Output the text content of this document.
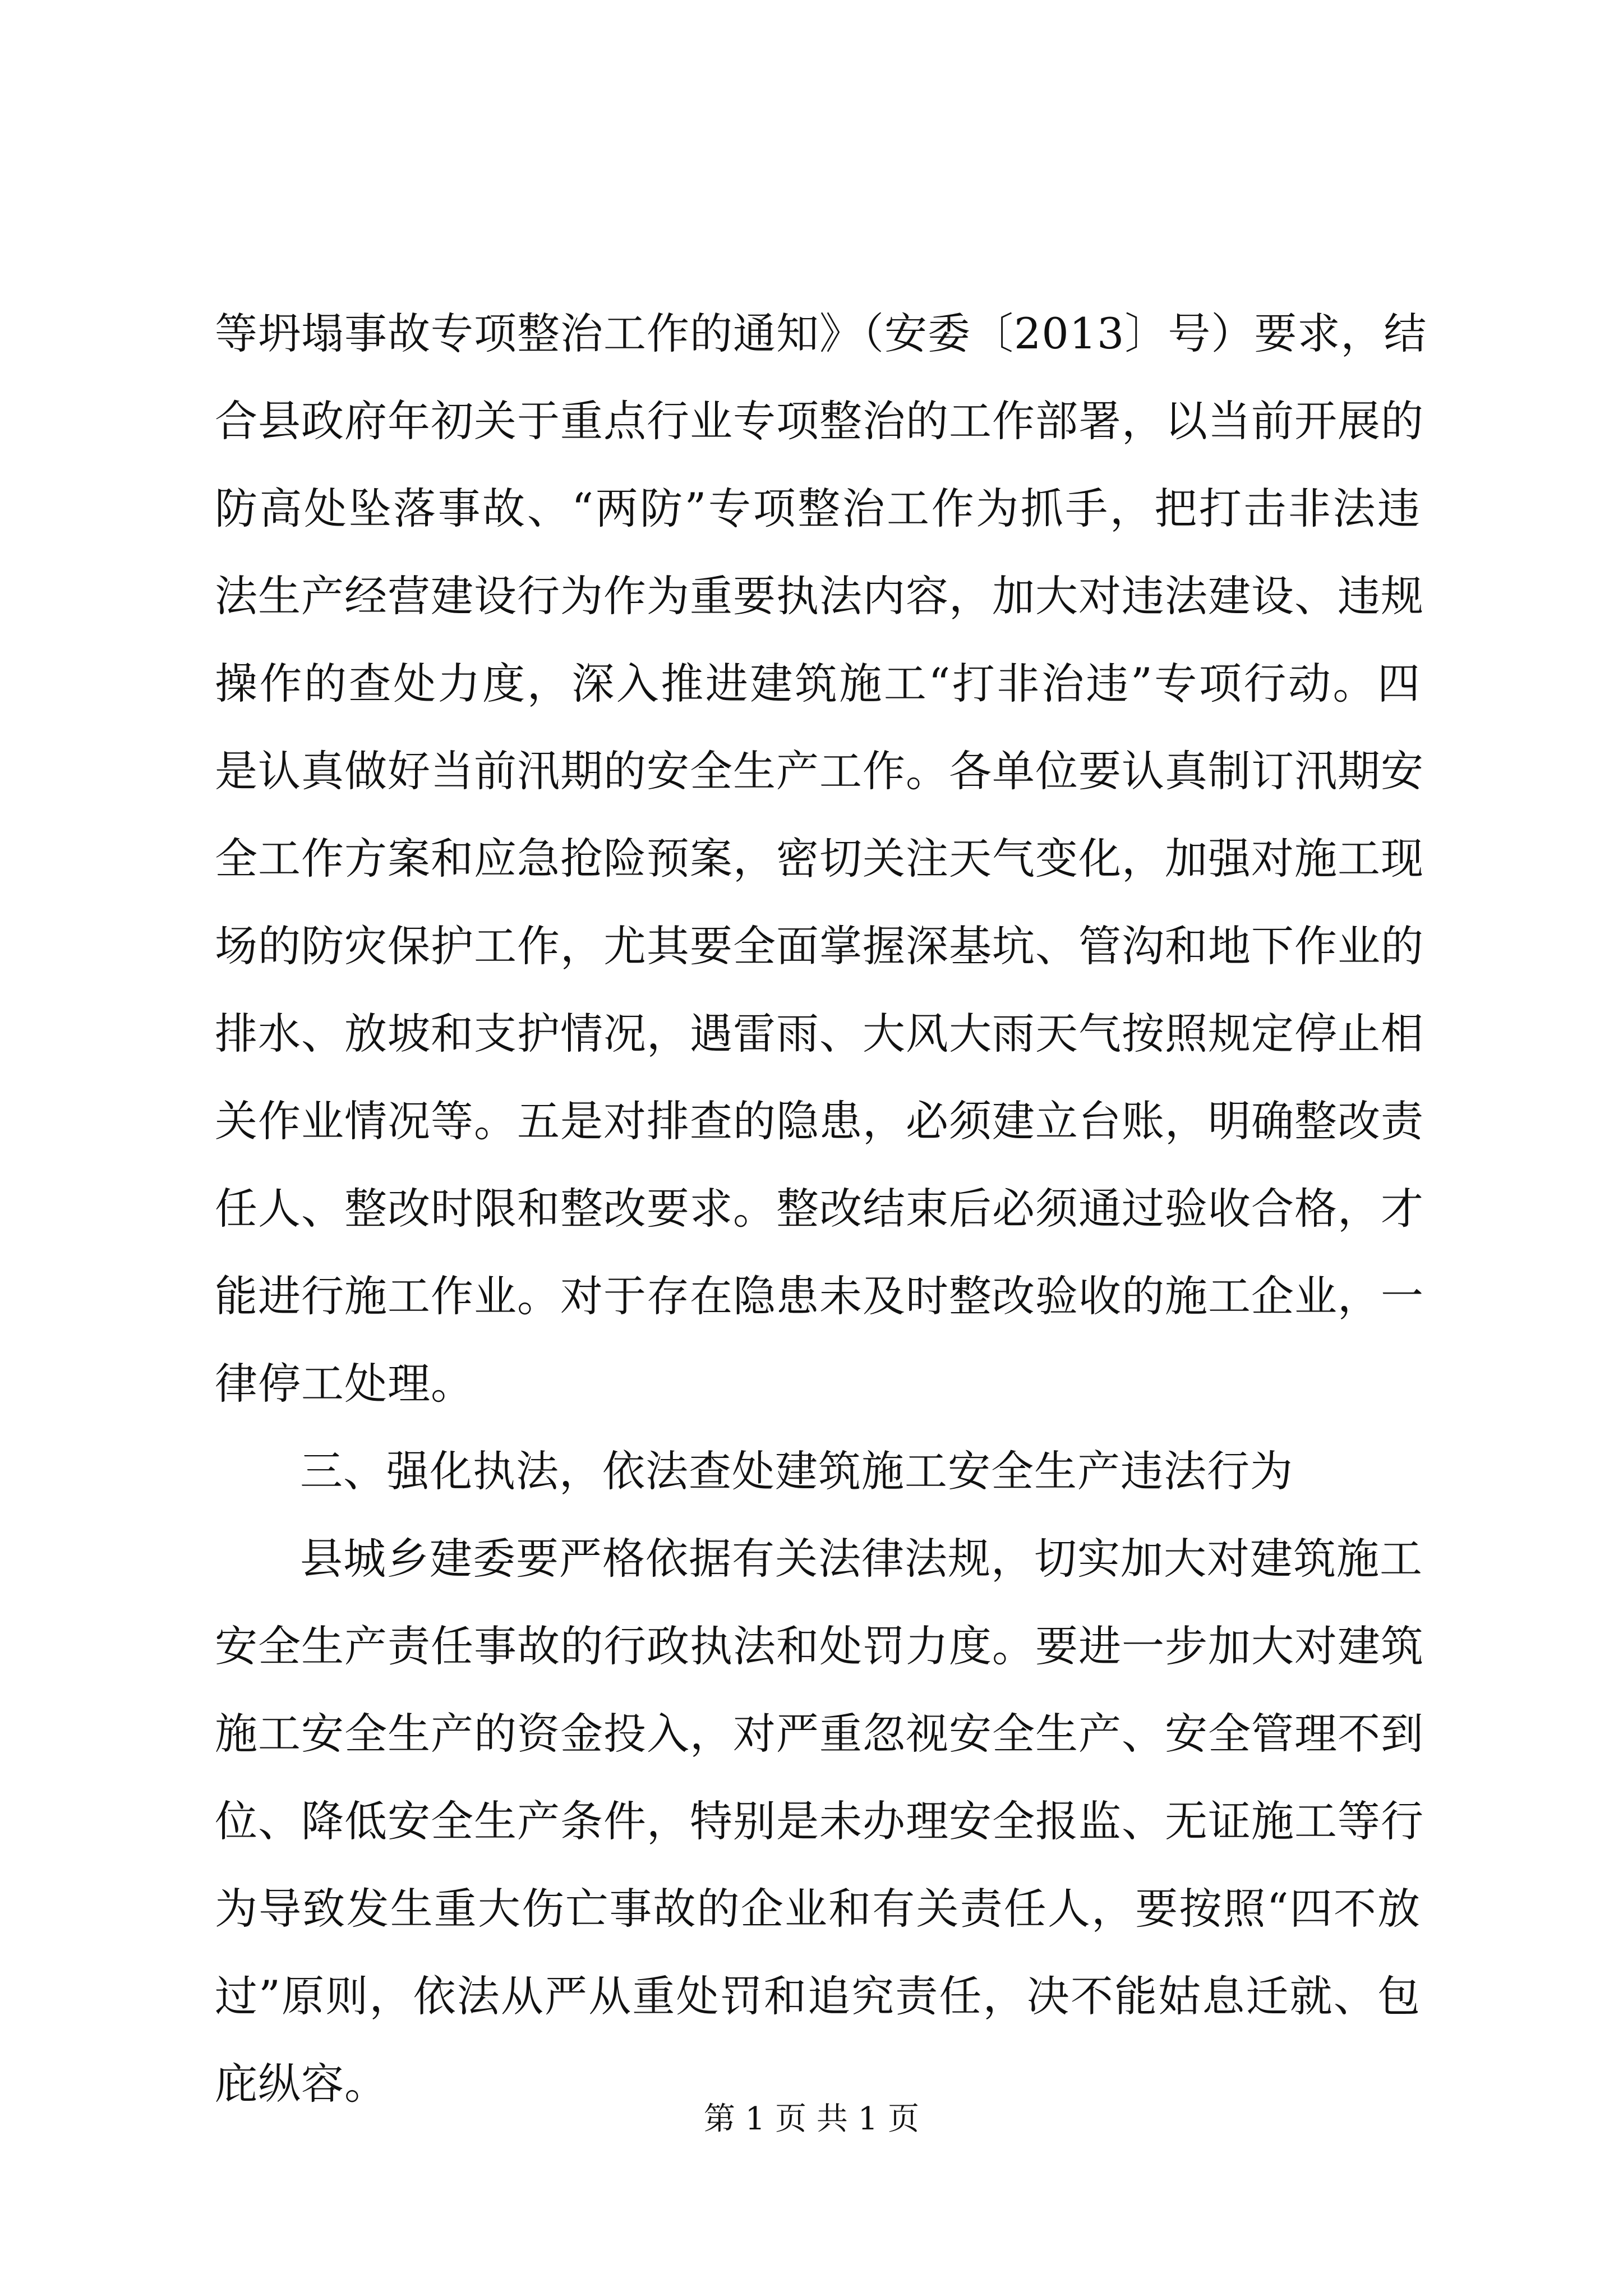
等坍塌事故专项整治工作的通知》（安委〔2013〕号）要求，结
合县政府年初关于重点行业专项整治的工作部署，以当前开展的
防高处坠落事故、“两防”专项整治工作为抓手，把打击非法违
法生产经营建设行为作为重要执法内容，加大对违法建设、违规
操作的查处力度，深入推进建筑施工“打非治违”专项行动。四
是认真做好当前汛期的安全生产工作。各单位要认真制订汛期安
全工作方案和应急抢险预案，密切关注天气变化，加强对施工现
场的防灾保护工作，尤其要全面掌握深基坑、管沟和地下作业的
排水、放坡和支护情况，遇雷雨、大风大雨天气按照规定停止相
关作业情况等。五是对排查的隐患，必须建立台账，明确整改责
任人、整改时限和整改要求。整改结束后必须通过验收合格，才
能进行施工作业。对于存在隐患未及时整改验收的施工企业，一
律停工处理。
三、强化执法，依法查处建筑施工安全生产违法行为
县城乡建委要严格依据有关法律法规，切实加大对建筑施工
安全生产责任事故的行政执法和处罚力度。要进一步加大对建筑
施工安全生产的资金投入，对严重忽视安全生产、安全管理不到
位、降低安全生产条件，特别是未办理安全报监、无证施工等行
为导致发生重大伤亡事故的企业和有关责任人，要按照“四不放
过”原则，依法从严从重处罚和追究责任，决不能姑息迁就、包
庇纵容。
第 1 页 共 1 页
